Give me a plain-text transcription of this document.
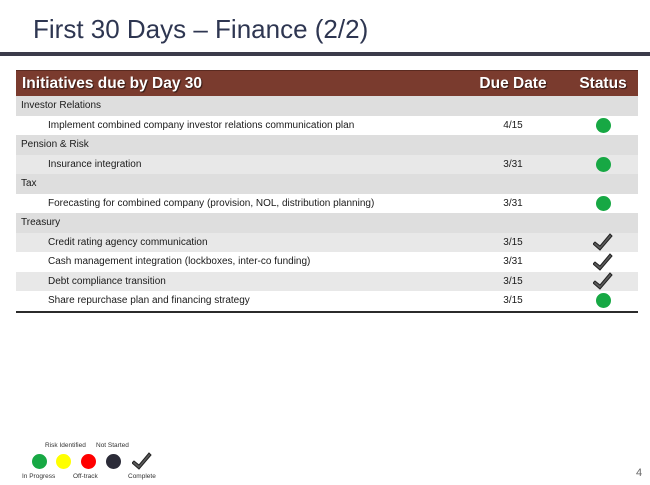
First 30 Days – Finance (2/2)
Initiatives due by Day 30	Due Date	Status
Investor Relations
Implement combined company investor relations communication plan	4/15
Pension & Risk
Insurance integration	3/31
Tax
Forecasting for combined company (provision, NOL, distribution planning)	3/31
Treasury
Credit rating agency communication	3/15
Cash management integration (lockboxes, inter-co funding)	3/31
Debt compliance transition	3/15
Share repurchase plan and financing strategy	3/15
Risk Identified Not Started
In Progress	Off-track	Complete	4
